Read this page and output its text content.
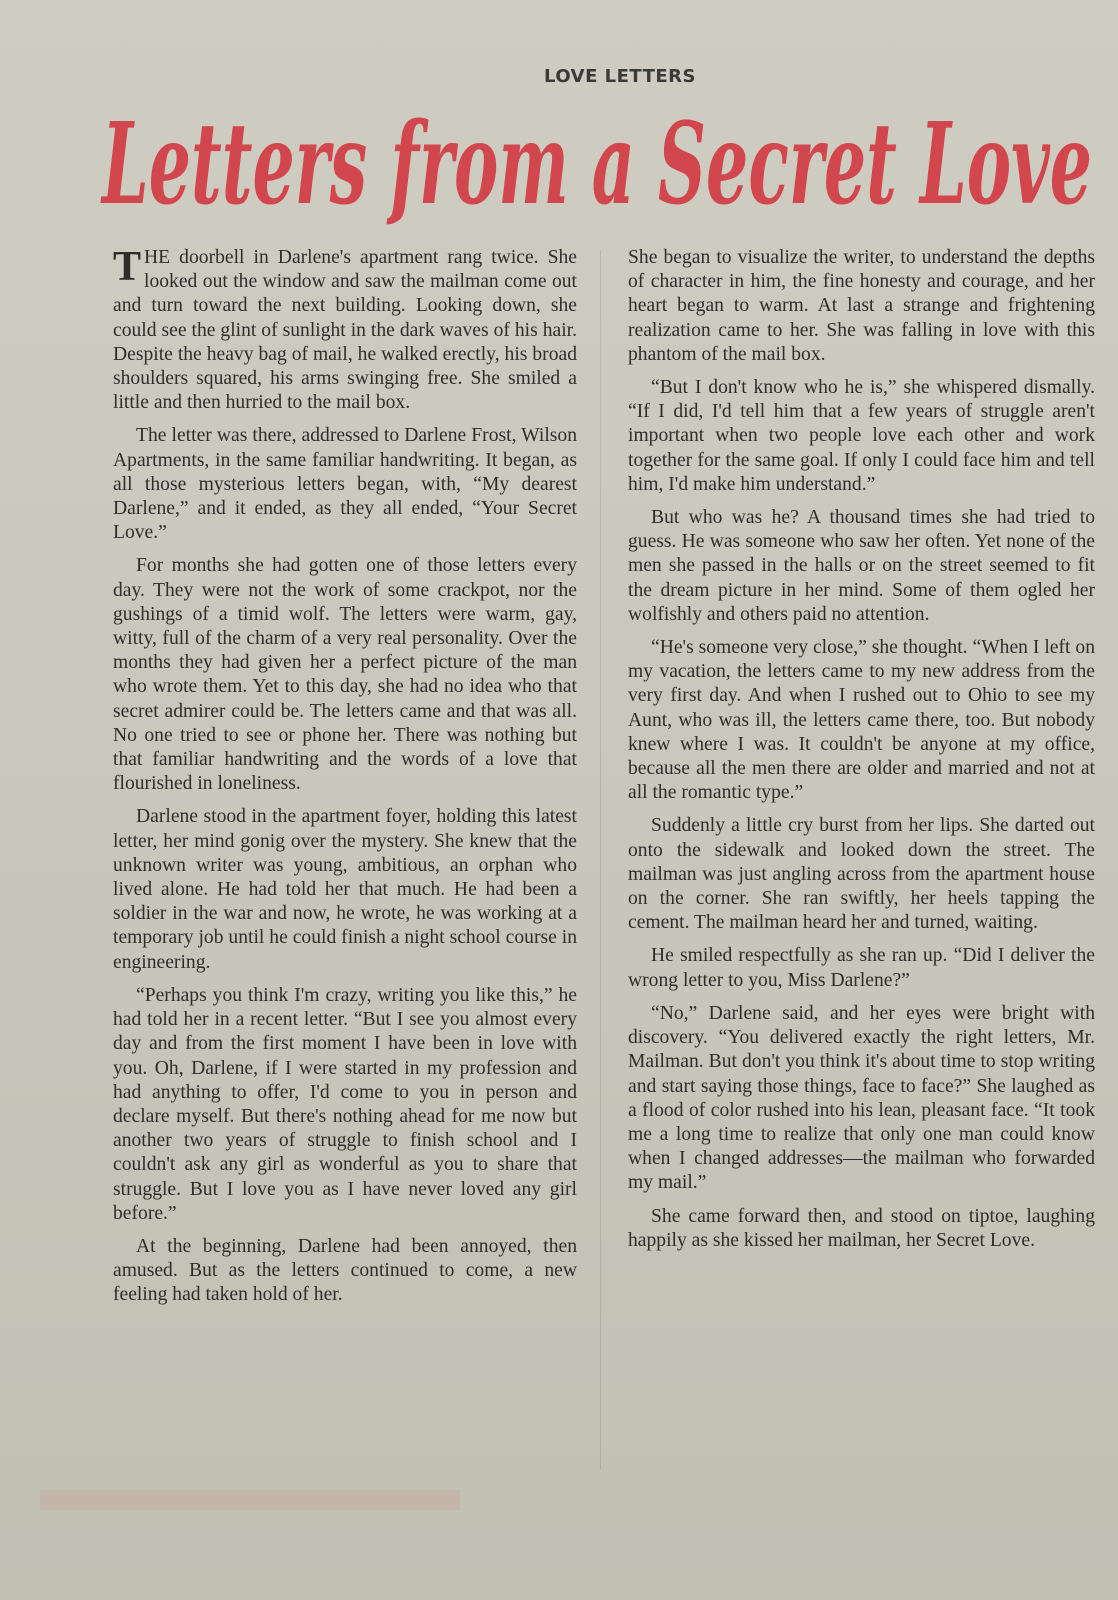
LOVE LETTERS
Letters from a Secret Love

THE doorbell in Darlene's apartment rang twice. She looked out the window and saw the mailman come out and turn toward the next building. Looking down, she could see the glint of sunlight in the dark waves of his hair. Despite the heavy bag of mail, he walked erectly, his broad shoulders squared, his arms swinging free. She smiled a little and then hurried to the mail box.

The letter was there, addressed to Darlene Frost, Wilson Apartments, in the same familiar handwriting. It began, as all those mysterious letters began, with, “My dearest Darlene,” and it ended, as they all ended, “Your Secret Love.”

For months she had gotten one of those letters every day. They were not the work of some crackpot, nor the gushings of a timid wolf. The letters were warm, gay, witty, full of the charm of a very real personality. Over the months they had given her a perfect picture of the man who wrote them. Yet to this day, she had no idea who that secret admirer could be. The letters came and that was all. No one tried to see or phone her. There was nothing but that familiar handwriting and the words of a love that flourished in loneliness.

Darlene stood in the apartment foyer, holding this latest letter, her mind gonig over the mystery. She knew that the unknown writer was young, ambitious, an orphan who lived alone. He had told her that much. He had been a soldier in the war and now, he wrote, he was working at a temporary job until he could finish a night school course in engineering.

“Perhaps you think I'm crazy, writing you like this,” he had told her in a recent letter. “But I see you almost every day and from the first moment I have been in love with you. Oh, Darlene, if I were started in my profession and had anything to offer, I'd come to you in person and declare myself. But there's nothing ahead for me now but another two years of struggle to finish school and I couldn't ask any girl as wonderful as you to share that struggle. But I love you as I have never loved any girl before.”

At the beginning, Darlene had been annoyed, then amused. But as the letters continued to come, a new feeling had taken hold of her.

She began to visualize the writer, to understand the depths of character in him, the fine honesty and courage, and her heart began to warm. At last a strange and frightening realization came to her. She was falling in love with this phantom of the mail box.

“But I don't know who he is,” she whispered dismally. “If I did, I'd tell him that a few years of struggle aren't important when two people love each other and work together for the same goal. If only I could face him and tell him, I'd make him understand.”

But who was he? A thousand times she had tried to guess. He was someone who saw her often. Yet none of the men she passed in the halls or on the street seemed to fit the dream picture in her mind. Some of them ogled her wolfishly and others paid no attention.

“He's someone very close,” she thought. “When I left on my vacation, the letters came to my new address from the very first day. And when I rushed out to Ohio to see my Aunt, who was ill, the letters came there, too. But nobody knew where I was. It couldn't be anyone at my office, because all the men there are older and married and not at all the romantic type.”

Suddenly a little cry burst from her lips. She darted out onto the sidewalk and looked down the street. The mailman was just angling across from the apartment house on the corner. She ran swiftly, her heels tapping the cement. The mailman heard her and turned, waiting.

He smiled respectfully as she ran up. “Did I deliver the wrong letter to you, Miss Darlene?”

“No,” Darlene said, and her eyes were bright with discovery. “You delivered exactly the right letters, Mr. Mailman. But don't you think it's about time to stop writing and start saying those things, face to face?” She laughed as a flood of color rushed into his lean, pleasant face. “It took me a long time to realize that only one man could know when I changed addresses—the mailman who forwarded my mail.”

She came forward then, and stood on tiptoe, laughing happily as she kissed her mailman, her Secret Love.
